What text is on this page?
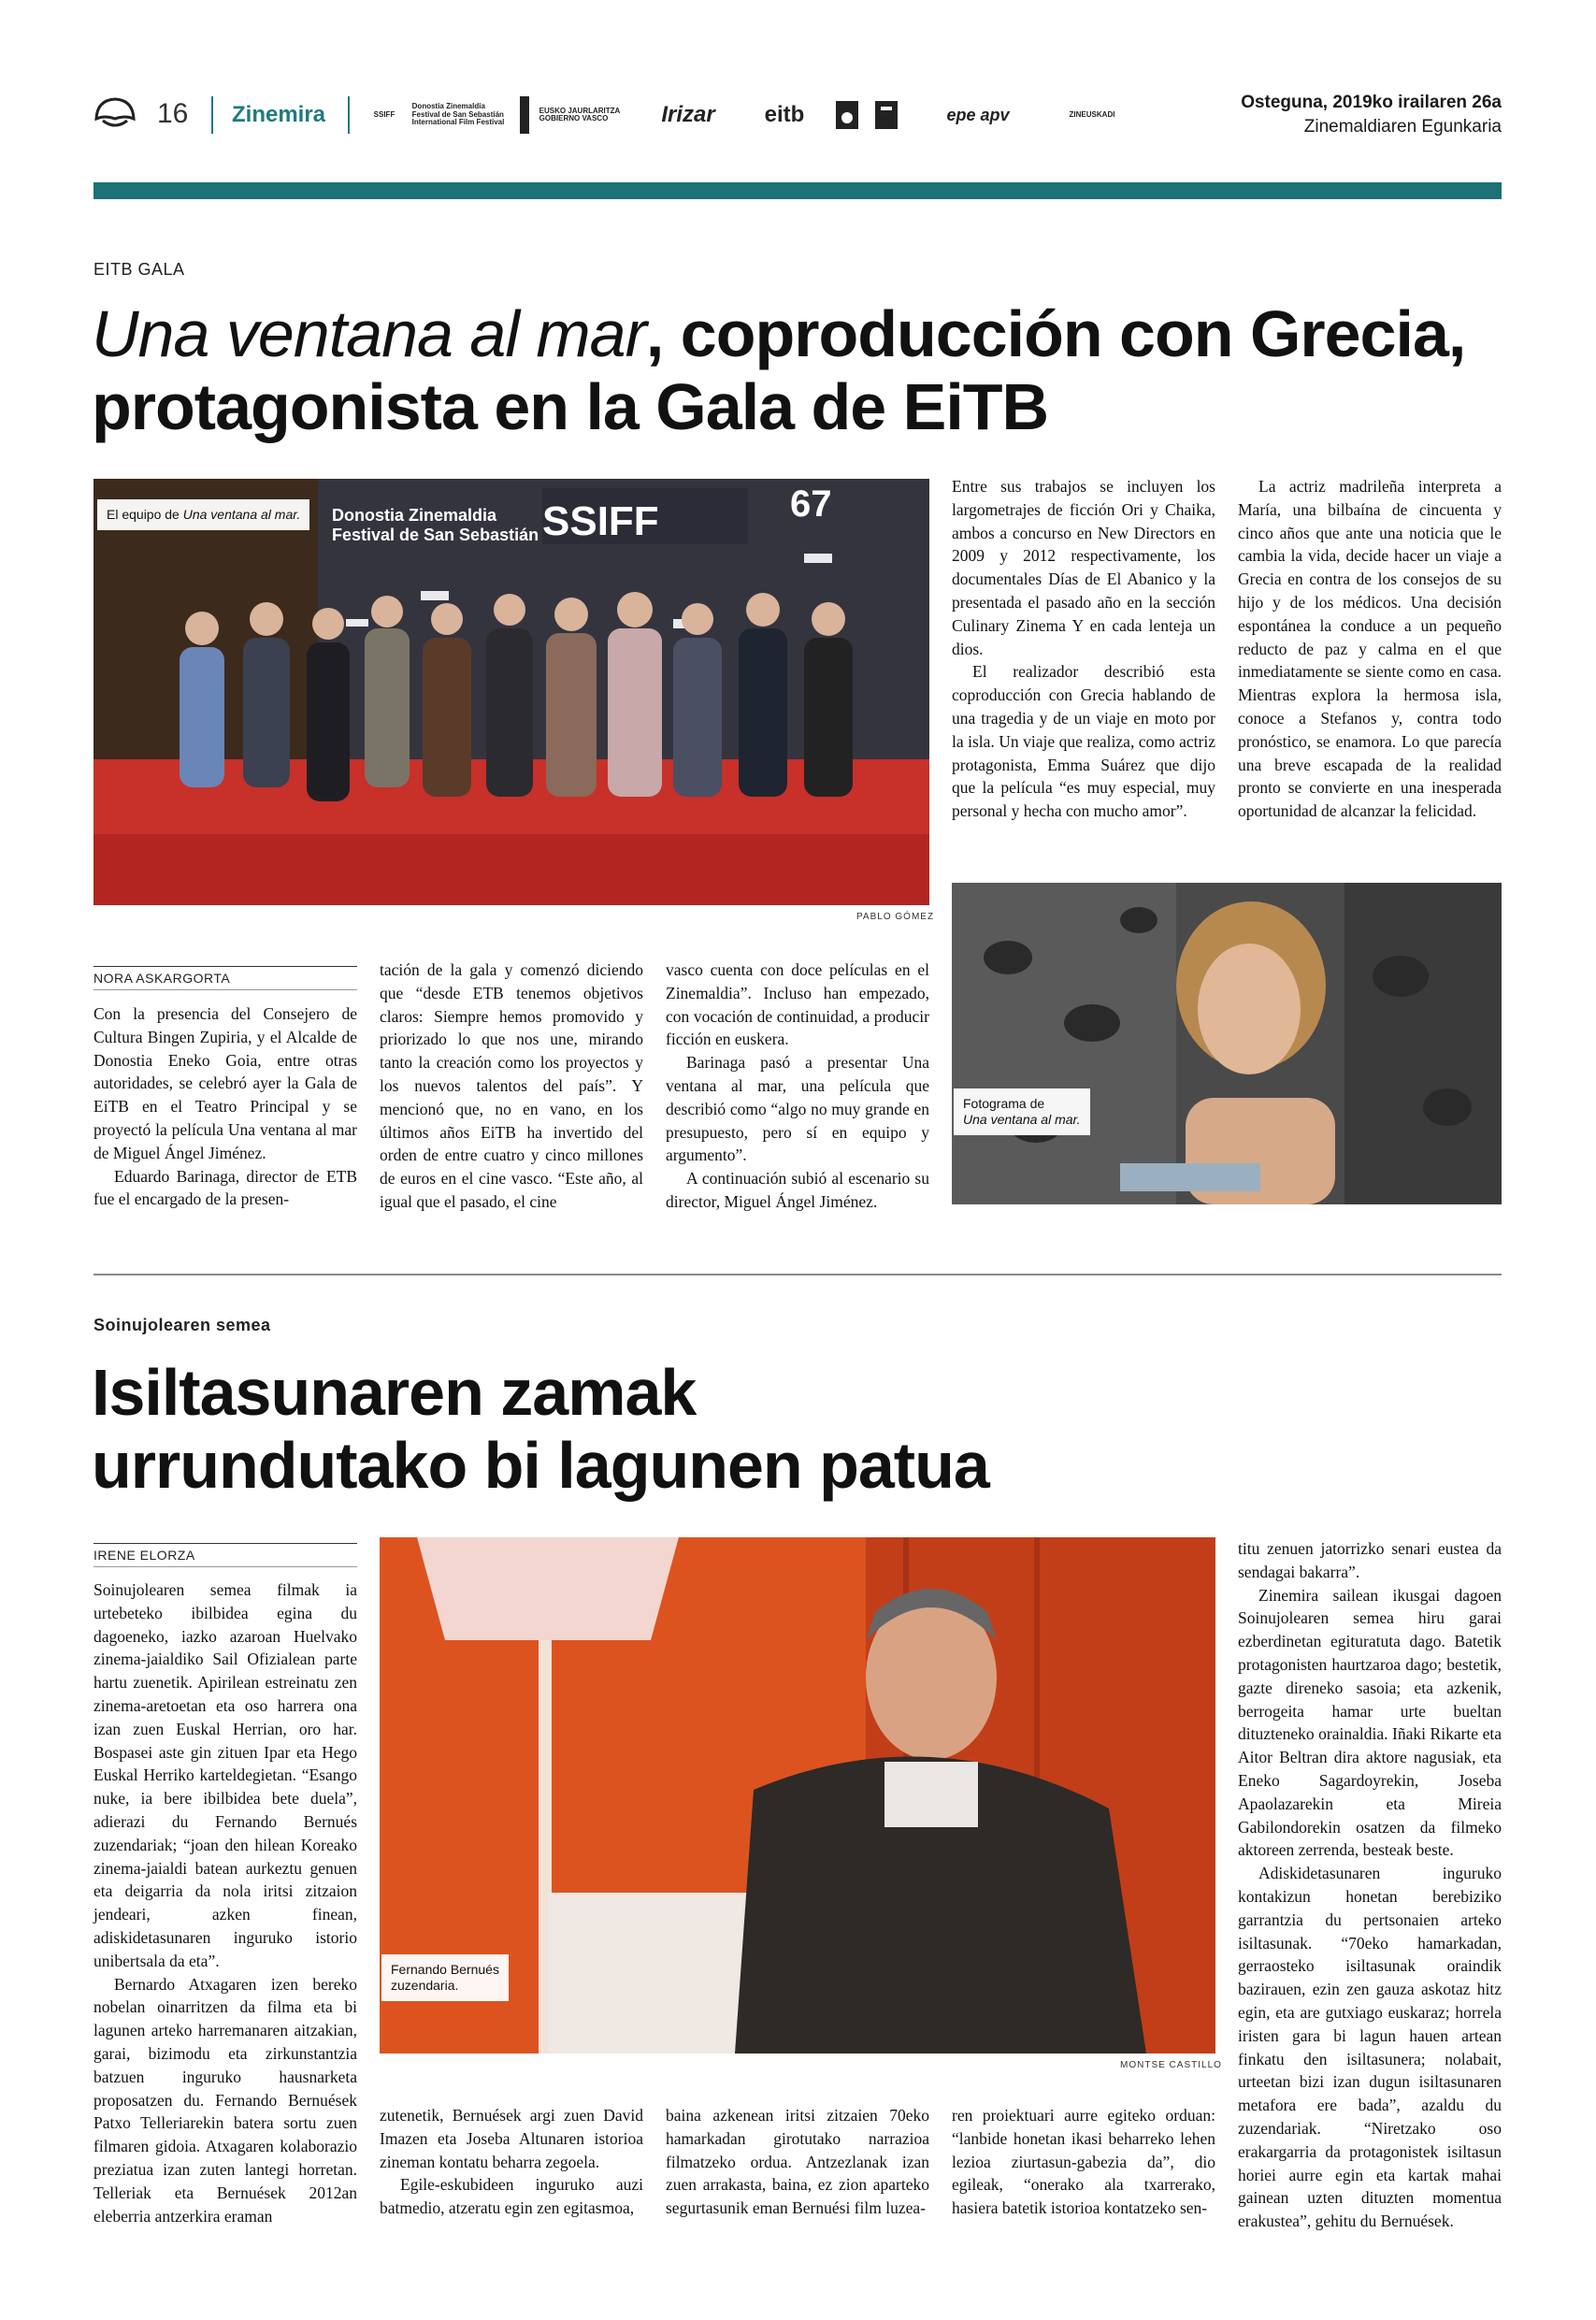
16 Zinemira	SSIFF
Donostia Zinemaldia
Festival de San Sebastián
International Film Festival
EUSKO JAURLARITZA
GOBIERNO VASCO	Irizar eitb	epe apv	ZINEUSKADI
Osteguna, 2019ko irailaren 26a
Zinemaldiaren Egunkaria
EITB GALA
Una ventana al mar, coproducción con Grecia, protagonista en la Gala de EiTB
Donostia Zinemaldia
Festival de San Sebastián SSIFF	67
El equipo de Una ventana al mar.
PABLO GÓMEZ
Fotograma de
Una ventana al mar.
NORA ASKARGORTA

Entre sus trabajos se incluyen los largometrajes de ficción Ori y Chaika, ambos a concurso en New Directors en 2009 y 2012 respectivamente, los documentales Días de El Abanico y la presentada el pasado año en la sección Culinary Zinema Y en cada lenteja un dios.

El realizador describió esta coproducción con Grecia hablando de una tragedia y de un viaje en moto por la isla. Un viaje que realiza, como actriz protagonista, Emma Suárez que dijo que la película “es muy especial, muy personal y hecha con mucho amor”.

La actriz madrileña interpreta a María, una bilbaína de cincuenta y cinco años que ante una noticia que le cambia la vida, decide hacer un viaje a Grecia en contra de los consejos de su hijo y de los médicos. Una decisión espontánea la conduce a un pequeño reducto de paz y calma en el que inmediatamente se siente como en casa. Mientras explora la hermosa isla, conoce a Stefanos y, contra todo pronóstico, se enamora. Lo que parecía una breve escapada de la realidad pronto se convierte en una inesperada oportunidad de alcanzar la felicidad.

Con la presencia del Consejero de Cultura Bingen Zupiria, y el Alcalde de Donostia Eneko Goia, entre otras autoridades, se celebró ayer la Gala de EiTB en el Teatro Principal y se proyectó la película Una ventana al mar de Miguel Ángel Jiménez.

Eduardo Barinaga, director de ETB fue el encargado de la presen-

tación de la gala y comenzó diciendo que “desde ETB tenemos objetivos claros: Siempre hemos promovido y priorizado lo que nos une, mirando tanto la creación como los proyectos y los nuevos talentos del país”. Y mencionó que, no en vano, en los últimos años EiTB ha invertido del orden de entre cuatro y cinco millones de euros en el cine vasco. “Este año, al igual que el pasado, el cine

vasco cuenta con doce películas en el Zinemaldia”. Incluso han empezado, con vocación de continuidad, a producir ficción en euskera.

Barinaga pasó a presentar Una ventana al mar, una película que describió como “algo no muy grande en presupuesto, pero sí en equipo y argumento”.

A continuación subió al escenario su director, Miguel Ángel Jiménez.

Soinujolearen semea
Isiltasunaren zamak
urrundutako bi lagunen patua
IRENE ELORZA
Fernando Bernués
zuzendaria.
MONTSE CASTILLO

Soinujolearen semea filmak ia urtebeteko ibilbidea egina du dagoeneko, iazko azaroan Huelvako zinema-jaialdiko Sail Ofizialean parte hartu zuenetik. Apirilean estreinatu zen zinema-aretoetan eta oso harrera ona izan zuen Euskal Herrian, oro har. Bospasei aste gin zituen Ipar eta Hego Euskal Herriko karteldegietan. “Esango nuke, ia bere ibilbidea bete duela”, adierazi du Fernando Bernués zuzendariak; “joan den hilean Koreako zinema-jaialdi batean aurkeztu genuen eta deigarria da nola iritsi zitzaion jendeari, azken finean, adiskidetasunaren inguruko istorio unibertsala da eta”.

Bernardo Atxagaren izen bereko nobelan oinarritzen da filma eta bi lagunen arteko harremanaren aitzakian, garai, bizimodu eta zirkunstantzia batzuen inguruko hausnarketa proposatzen du. Fernando Bernuések Patxo Telleriarekin batera sortu zuen filmaren gidoia. Atxagaren kolaborazio preziatua izan zuten lantegi horretan. Telleriak eta Bernuések 2012an eleberria antzerkira eraman

zutenetik, Bernuések argi zuen David Imazen eta Joseba Altunaren istorioa zineman kontatu beharra zegoela.

Egile-eskubideen inguruko auzi batmedio, atzeratu egin zen egitasmoa,

baina azkenean iritsi zitzaien 70eko hamarkadan girotutako narrazioa filmatzeko ordua. Antzezlanak izan zuen arrakasta, baina, ez zion aparteko segurtasunik eman Bernuési film luzea-

ren proiektuari aurre egiteko orduan: “lanbide honetan ikasi beharreko lehen lezioa ziurtasun-gabezia da”, dio egileak, “onerako ala txarrerako, hasiera batetik istorioa kontatzeko sen-

titu zenuen jatorrizko senari eustea da sendagai bakarra”.

Zinemira sailean ikusgai dagoen Soinujolearen semea hiru garai ezberdinetan egituratuta dago. Batetik protagonisten haurtzaroa dago; bestetik, gazte direneko sasoia; eta azkenik, berrogeita hamar urte bueltan dituzteneko orainaldia. Iñaki Rikarte eta Aitor Beltran dira aktore nagusiak, eta Eneko Sagardoyrekin, Joseba Apaolazarekin eta Mireia Gabilondorekin osatzen da filmeko aktoreen zerrenda, besteak beste.

Adiskidetasunaren inguruko kontakizun honetan berebiziko garrantzia du pertsonaien arteko isiltasunak. “70eko hamarkadan, gerraosteko isiltasunak oraindik bazirauen, ezin zen gauza askotaz hitz egin, eta are gutxiago euskaraz; horrela iristen gara bi lagun hauen artean finkatu den isiltasunera; nolabait, urteetan bizi izan dugun isiltasunaren metafora ere bada”, azaldu du zuzendariak. “Niretzako oso erakargarria da protagonistek isiltasun horiei aurre egin eta kartak mahai gainean uzten dituzten momentua erakustea”, gehitu du Bernuések.
